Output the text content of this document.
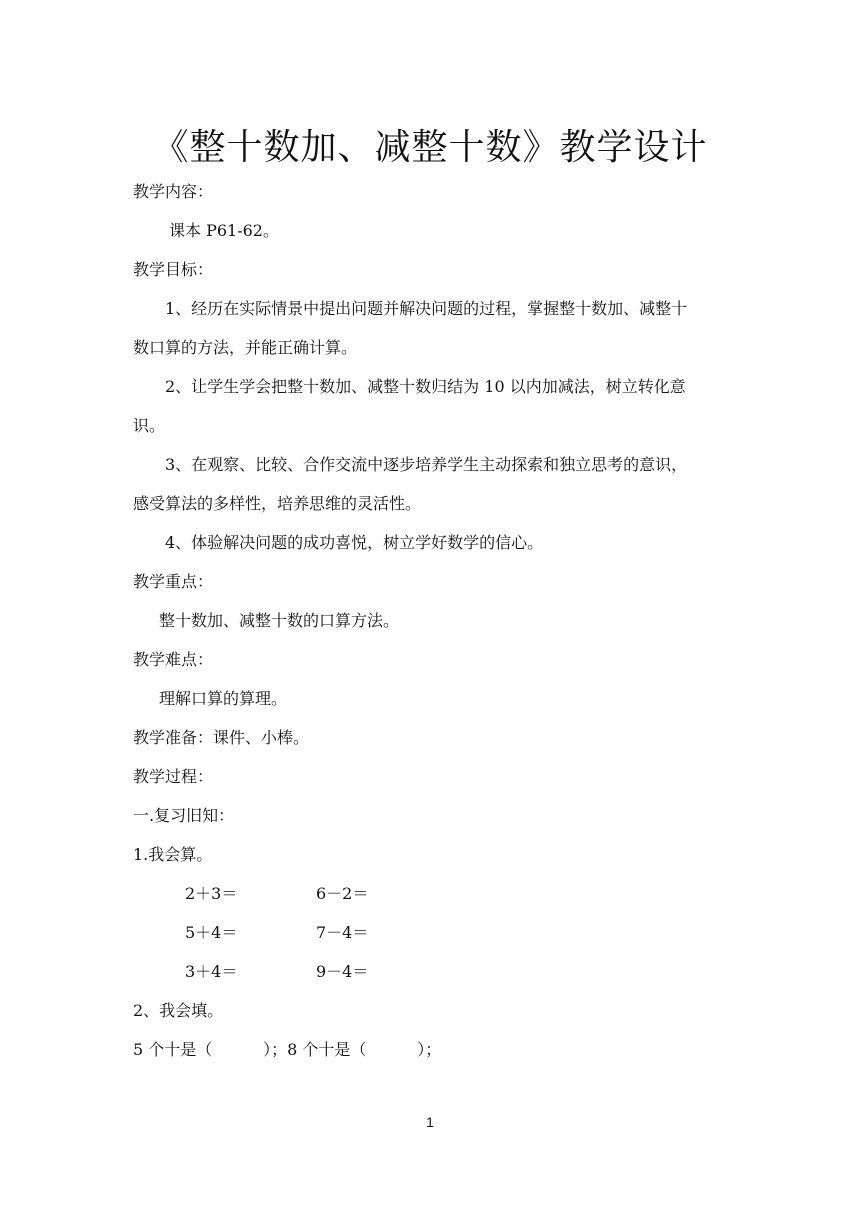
《整十数加、减整十数》教学设计
教学内容：
课本 P61-62。
教学目标：
1、经历在实际情景中提出问题并解决问题的过程，掌握整十数加、减整十
数口算的方法，并能正确计算。
2、让学生学会把整十数加、减整十数归结为 10 以内加减法，树立转化意
识。
3、在观察、比较、合作交流中逐步培养学生主动探索和独立思考的意识，
感受算法的多样性，培养思维的灵活性。
4、体验解决问题的成功喜悦，树立学好数学的信心。
教学重点：
整十数加、减整十数的口算方法。
教学难点：
理解口算的算理。
教学准备：课件、小棒。
教学过程：
一.复习旧知：
1.我会算。
2＋3＝	6－2＝
5＋4＝	7－4＝
3＋4＝	9－4＝
2、我会填。
5 个十是（          ）；8 个十是（          ）；
1
